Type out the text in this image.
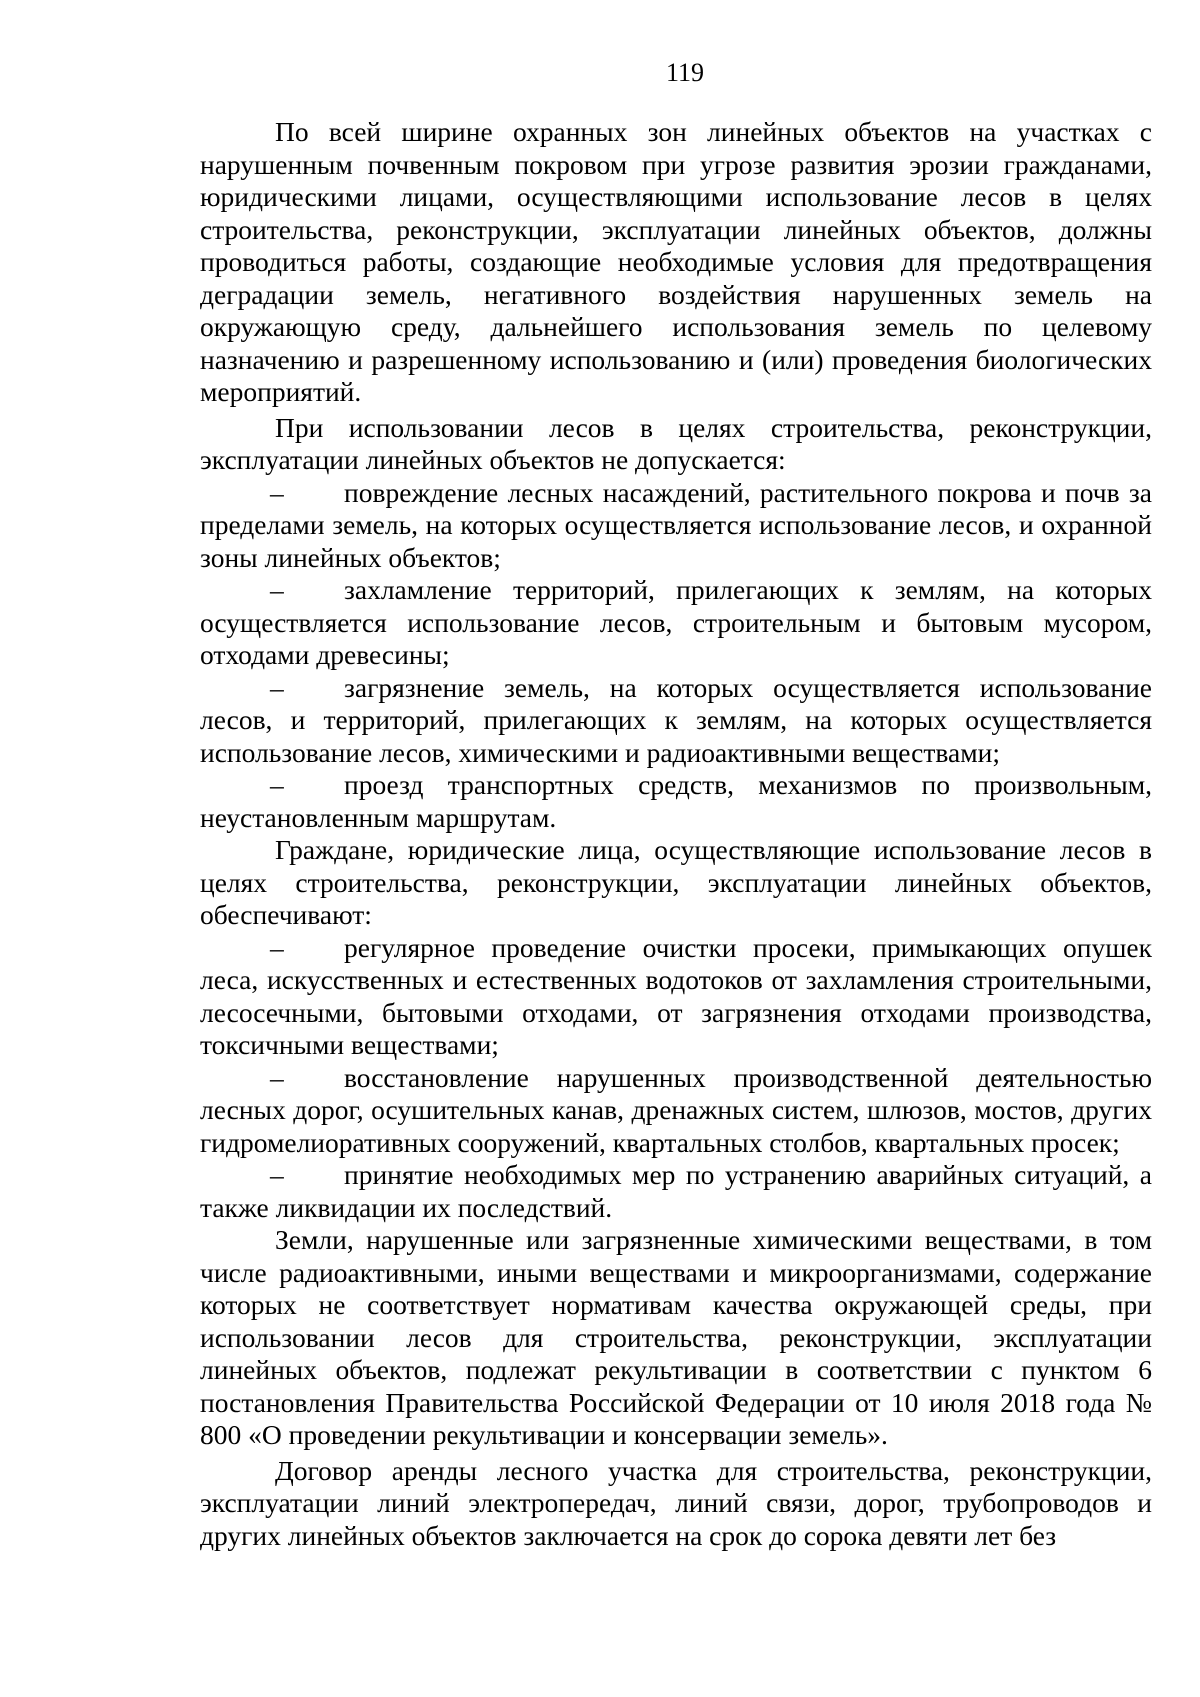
119

По всей ширине охранных зон линейных объектов на участках с нарушенным почвенным покровом при угрозе развития эрозии гражданами, юридическими лицами, осуществляющими использование лесов в целях строительства, реконструкции, эксплуатации линейных объектов, должны проводиться работы, создающие необходимые условия для предотвращения деградации земель, негативного воздействия нарушенных земель на окружающую среду, дальнейшего использования земель по целевому назначению и разрешенному использованию и (или) проведения биологических мероприятий.

При использовании лесов в целях строительства, реконструкции, эксплуатации линейных объектов не допускается:

– повреждение лесных насаждений, растительного покрова и почв за пределами земель, на которых осуществляется использование лесов, и охранной зоны линейных объектов;

– захламление территорий, прилегающих к землям, на которых осуществляется использование лесов, строительным и бытовым мусором, отходами древесины;

– загрязнение земель, на которых осуществляется использование лесов, и территорий, прилегающих к землям, на которых осуществляется использование лесов, химическими и радиоактивными веществами;

– проезд транспортных средств, механизмов по произвольным, неустановленным маршрутам.

Граждане, юридические лица, осуществляющие использование лесов в целях строительства, реконструкции, эксплуатации линейных объектов, обеспечивают:

– регулярное проведение очистки просеки, примыкающих опушек леса, искусственных и естественных водотоков от захламления строительными, лесосечными, бытовыми отходами, от загрязнения отходами производства, токсичными веществами;

– восстановление нарушенных производственной деятельностью лесных дорог, осушительных канав, дренажных систем, шлюзов, мостов, других гидромелиоративных сооружений, квартальных столбов, квартальных просек;

– принятие необходимых мер по устранению аварийных ситуаций, а также ликвидации их последствий.

Земли, нарушенные или загрязненные химическими веществами, в том числе радиоактивными, иными веществами и микроорганизмами, содержание которых не соответствует нормативам качества окружающей среды, при использовании лесов для строительства, реконструкции, эксплуатации линейных объектов, подлежат рекультивации в соответствии с пунктом 6 постановления Правительства Российской Федерации от 10 июля 2018 года № 800 «О проведении рекультивации и консервации земель».

Договор аренды лесного участка для строительства, реконструкции, эксплуатации линий электропередач, линий связи, дорог, трубопроводов и других линейных объектов заключается на срок до сорока девяти лет без
